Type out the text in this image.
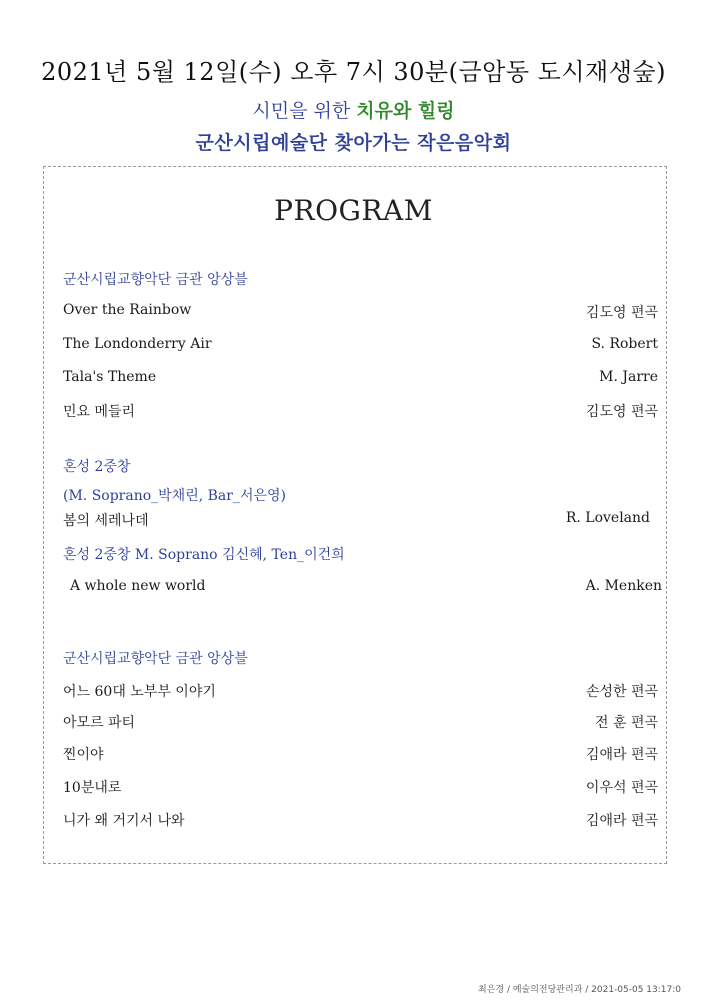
2021년 5월 12일(수) 오후 7시 30분(금암동 도시재생숲)
시민을 위한 치유와 힐링
군산시립예술단 찾아가는 작은음악회
PROGRAM
군산시립교향악단 금관 앙상블
Over the Rainbow	김도영 편곡
The Londonderry Air	S. Robert
Tala's Theme	M. Jarre
민요 메들리	김도영 편곡
혼성 2중창
(M. Soprano_박채린, Bar_서은영)
봄의 세레나데	R. Loveland
혼성 2중창 M. Soprano 김신혜, Ten_이건희
A whole new world	A. Menken
군산시립교향악단 금관 앙상블
어느 60대 노부부 이야기	손성한 편곡
아모르 파티	전 훈 편곡
찐이야	김애라 편곡
10분내로	이우석 편곡
니가 왜 거기서 나와	김애라 편곡
최은경 / 예술의전당관리과 / 2021-05-05 13:17:0
